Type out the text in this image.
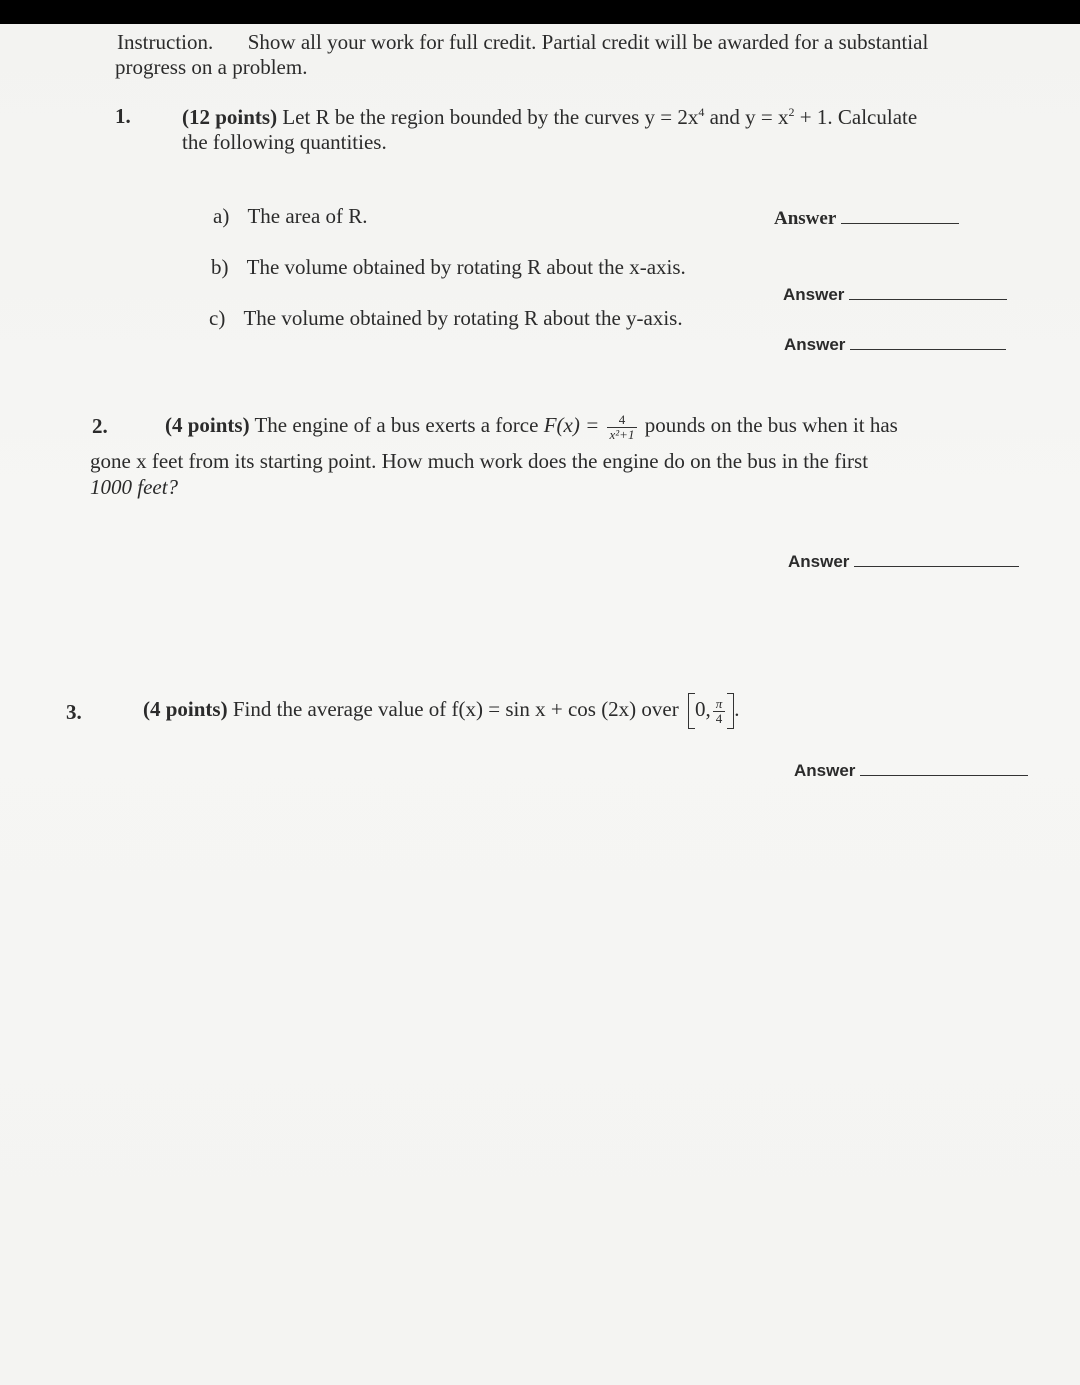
Instruction. Show all your work for full credit. Partial credit will be awarded for a substantial
progress on a problem.
1. (12 points) Let R be the region bounded by the curves $y = 2x^4$ and $y = x^2 + 1$. Calculate
the following quantities.
a) The area of R.	Answer
b) The volume obtained by rotating R about the x-axis.
Answer
c) The volume obtained by rotating R about the y-axis.
Answer
2.	(4 points) The engine of a bus exerts a force $F(x) = \frac{4}{\text{x²+1}}$ pounds on the bus when it has
gone x feet from its starting point. How much work does the engine do on the bus in the first
1000 feet?
Answer
3.	(4 points) Find the average value of f(x) = sin x + cos (2x) over 0, $\frac{\pi}{4}$ .
Answer
